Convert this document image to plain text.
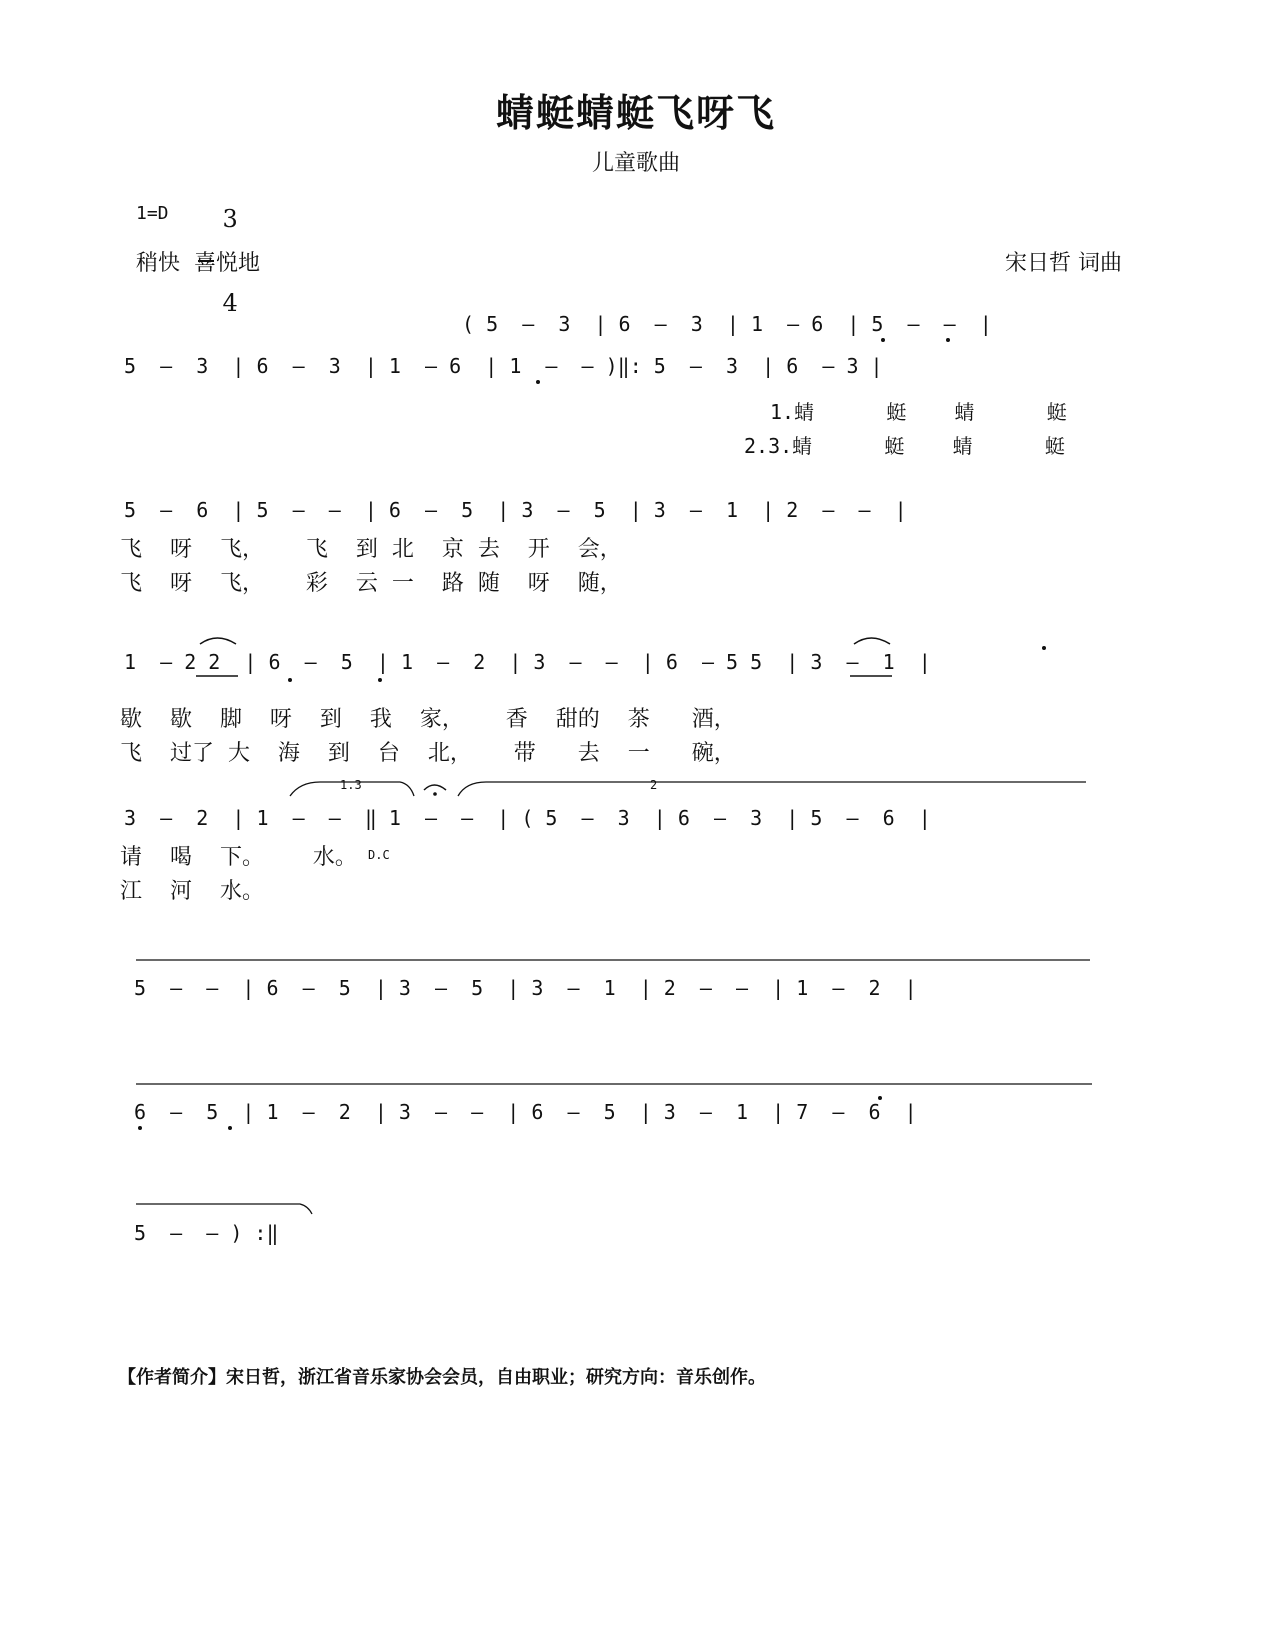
蜻蜓蜻蜓飞呀飞
儿童歌曲
1=D	3

4

稍快  喜悦地	宋日哲 词曲
( 5  —  3  | 6  —  3  | 1  — 6  | 5  —  —  |
5  —  3  | 6  —  3  | 1  — 6  | 1  —  — )‖: 5  —  3  | 6  — 3 |
1.蜻      蜓    蜻      蜓
2.3.蜻      蜓    蜻      蜓
5  —  6  | 5  —  —  | 6  —  5  | 3  —  5  | 3  —  1  | 2  —  —  |
飞    呀    飞，      飞    到  北    京  去    开    会，
飞    呀    飞，      彩    云  一    路  随    呀    随，
1  — 2 2  | 6  —  5  | 1  —  2  | 3  —  —  | 6  — 5 5  | 3  —  1  |
歇    歇    脚    呀    到    我    家，      香    甜的    茶      酒，
飞    过了  大    海    到    台    北，      带      去    一      碗，
1.3	2
3  —  2  | 1  —  —  ‖ 1  —  —  | ( 5  —  3  | 6  —  3  | 5  —  6  |
请    喝    下。       水。 D.C
江    河    水。
5  —  —  | 6  —  5  | 3  —  5  | 3  —  1  | 2  —  —  | 1  —  2  |
6  —  5  | 1  —  2  | 3  —  —  | 6  —  5  | 3  —  1  | 7  —  6  |
5  —  — ) :‖
【作者简介】宋日哲，浙江省音乐家协会会员，自由职业；研究方向：音乐创作。
